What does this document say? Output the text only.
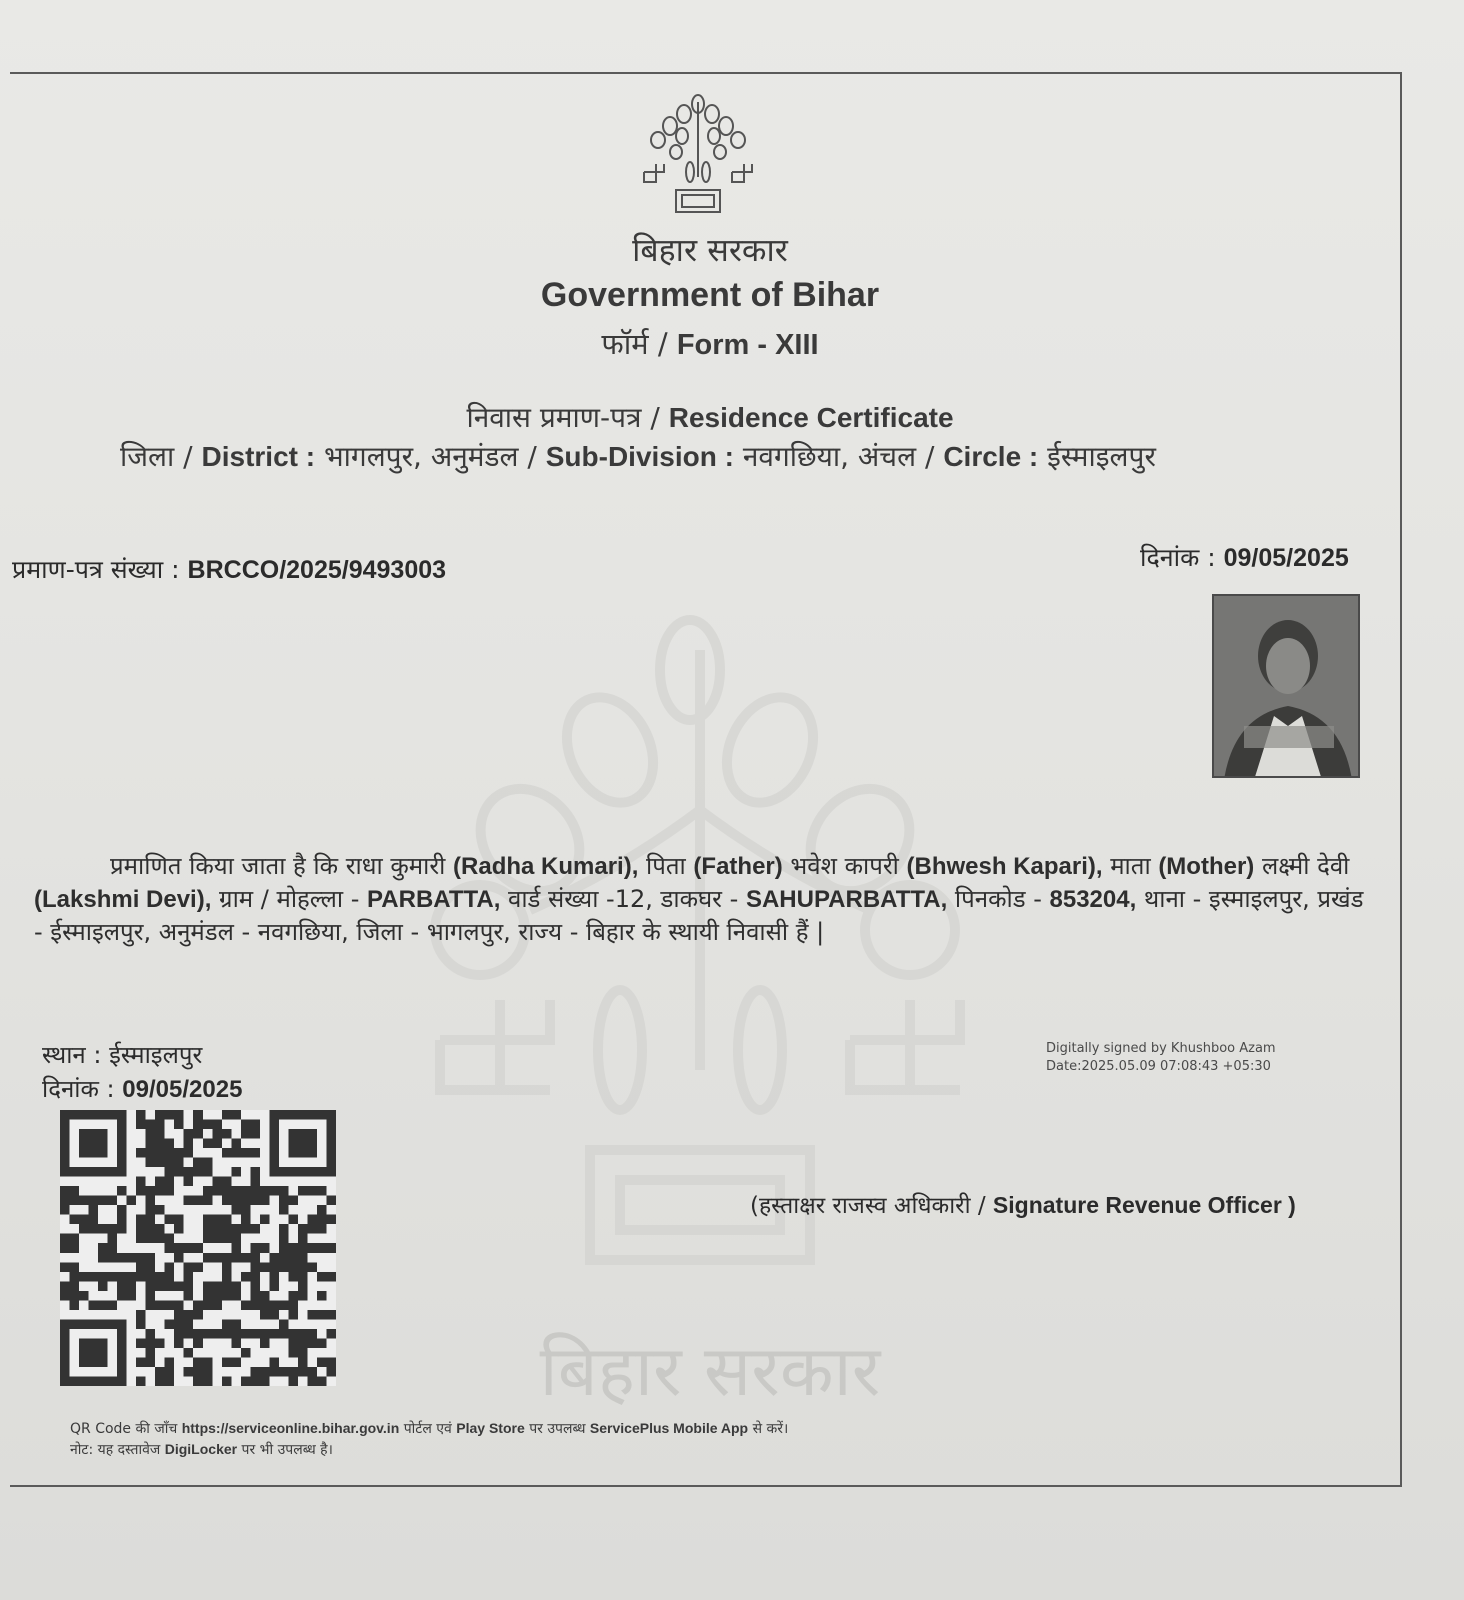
बिहार सरकार
बिहार सरकार
Government of Bihar
फॉर्म / Form - XIII
निवास प्रमाण-पत्र / Residence Certificate
जिला / District : भागलपुर, अनुमंडल / Sub-Division : नवगछिया, अंचल / Circle : ईस्माइलपुर
प्रमाण-पत्र संख्या : BRCCO/2025/9493003	दिनांक : 09/05/2025
प्रमाणित किया जाता है कि राधा कुमारी (Radha Kumari), पिता (Father) भवेश कापरी (Bhwesh Kapari), माता (Mother) लक्ष्मी देवी (Lakshmi Devi), ग्राम / मोहल्ला - PARBATTA, वार्ड संख्या -12, डाकघर - SAHUPARBATTA, पिनकोड - 853204, थाना - इस्माइलपुर, प्रखंड - ईस्माइलपुर, अनुमंडल - नवगछिया, जिला - भागलपुर, राज्य - बिहार के स्थायी निवासी हैं |
स्थान : ईस्माइलपुर
दिनांक : 09/05/2025
Digitally signed by Khushboo Azam
Date:2025.05.09 07:08:43 +05:30
(हस्ताक्षर राजस्व अधिकारी / Signature Revenue Officer )
QR Code की जाँच https://serviceonline.bihar.gov.in पोर्टल एवं Play Store पर उपलब्ध ServicePlus Mobile App से करें।
नोट: यह दस्तावेज DigiLocker पर भी उपलब्ध है।
